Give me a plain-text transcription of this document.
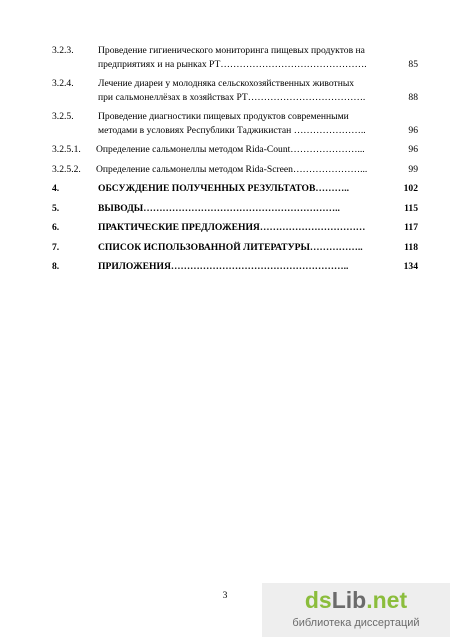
3.2.3.	Проведение гигиенического мониторинга пищевых продуктов на
предприятиях и на рынках РТ……………………………………….	85
3.2.4.	Лечение диареи у молодняка сельскохозяйственных животных
при сальмонеллёзах в хозяйствах РТ……………………………….	88
3.2.5.	Проведение диагностики пищевых продуктов современными
методами в условиях Республики Таджикистан …………………..	96
3.2.5.1. Определение сальмонеллы методом Rida-Count…………………...	96
3.2.5.2. Определение сальмонеллы методом Rida-Screen…………………...	99
4.	ОБСУЖДЕНИЕ ПОЛУЧЕННЫХ РЕЗУЛЬТАТОВ………..	102
5.	ВЫВОДЫ……………………………………………………..	115
6.	ПРАКТИЧЕСКИЕ ПРЕДЛОЖЕНИЯ……………………………	117
7.	СПИСОК ИСПОЛЬЗОВАННОЙ ЛИТЕРАТУРЫ……………..	118
8.	ПРИЛОЖЕНИЯ………………………………………………..	134
3	dsLib.net
библиотека диссертаций
